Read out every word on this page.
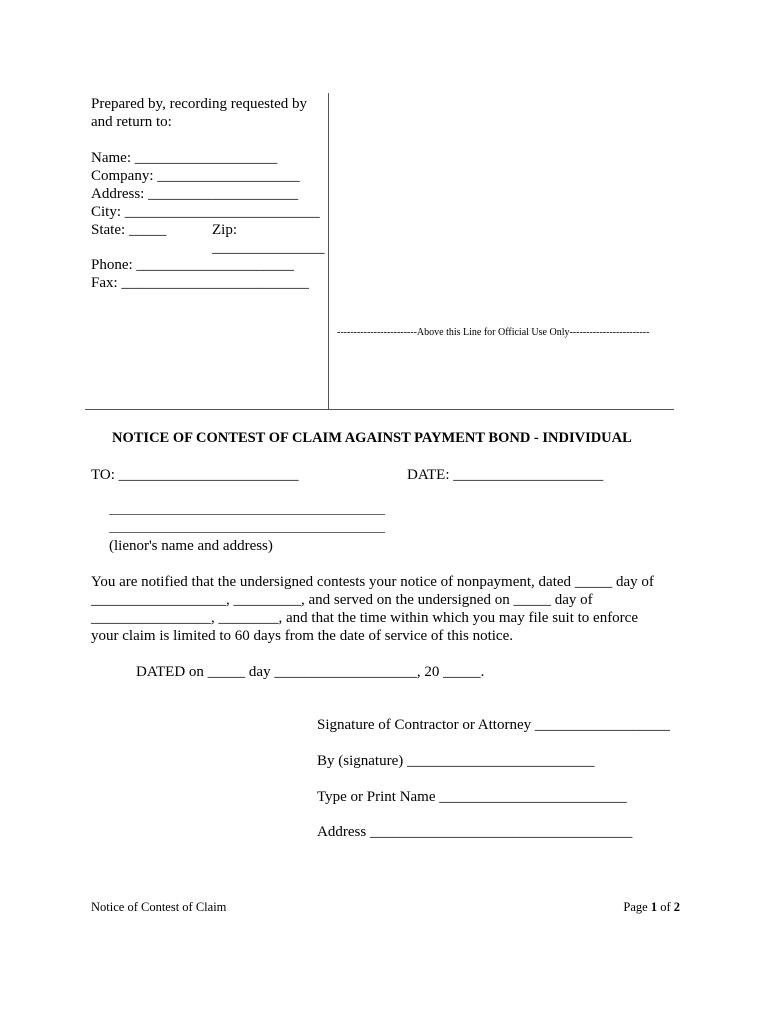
Prepared by, recording requested by
and return to:
Name: ___________________
Company: ___________________
Address: ____________________
City: __________________________
State: _____	Zip:
_______________
Phone: _____________________
Fax: _________________________
------------------------Above this Line for Official Use Only------------------------
NOTICE OF CONTEST OF CLAIM AGAINST PAYMENT BOND - INDIVIDUAL
TO: ________________________	DATE: ____________________
______________________________________________
______________________________________________
(lienor's name and address)
You are notified that the undersigned contests your notice of nonpayment, dated _____ day of
__________________, _________, and served on the undersigned on _____ day of
________________, ________, and that the time within which you may file suit to enforce
your claim is limited to 60 days from the date of service of this notice.
DATED on _____ day ___________________, 20 _____.
Signature of Contractor or Attorney __________________
By (signature) _________________________
Type or Print Name _________________________
Address ___________________________________
Notice of Contest of Claim	Page 1 of 2
